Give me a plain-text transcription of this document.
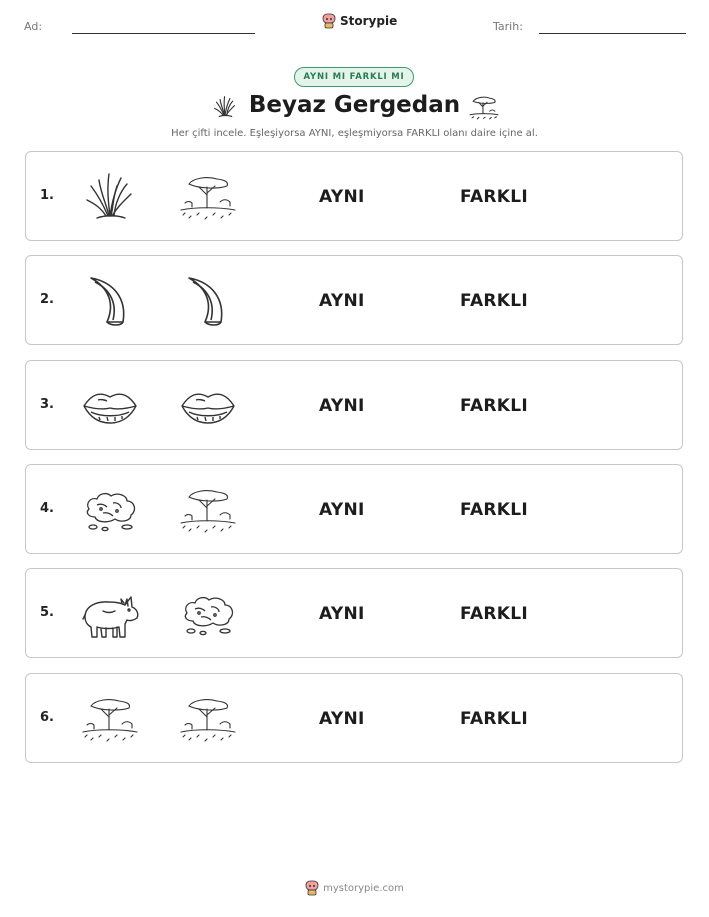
Ad:	Storypie	Tarih:
AYNI MI FARKLI MI
Beyaz Gergedan
Her çifti incele. Eşleşiyorsa AYNI, eşleşmiyorsa FARKLI olanı daire içine al.
1.	AYNI	FARKLI
2.	AYNI	FARKLI
3.	AYNI	FARKLI
4.	AYNI	FARKLI
5.	AYNI	FARKLI
6.	AYNI	FARKLI
mystorypie.com
